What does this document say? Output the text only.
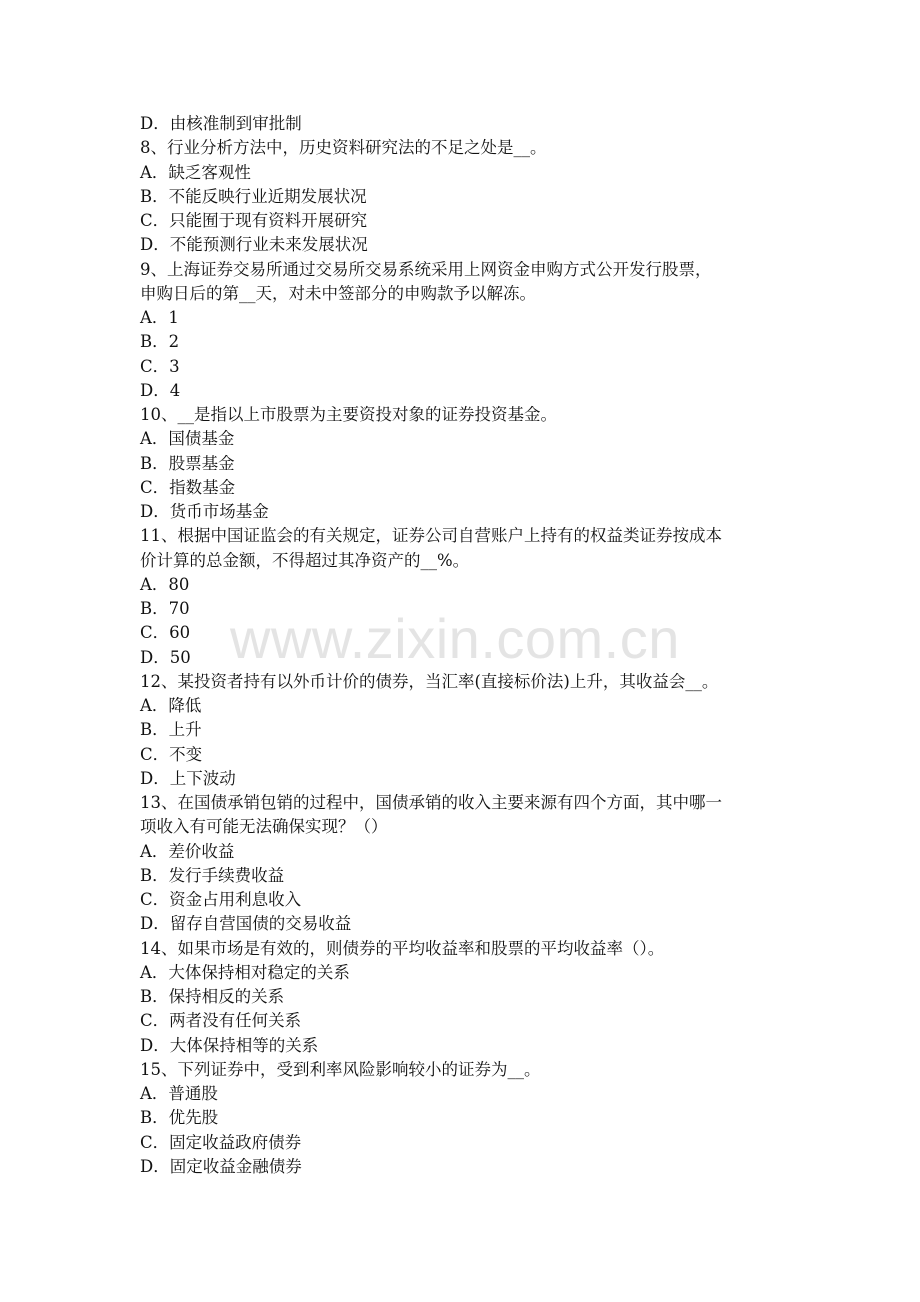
www.zixin.com.cn
D．由核准制到审批制
8、行业分析方法中，历史资料研究法的不足之处是__。
A．缺乏客观性
B．不能反映行业近期发展状况
C．只能囿于现有资料开展研究
D．不能预测行业未来发展状况
9、上海证券交易所通过交易所交易系统采用上网资金申购方式公开发行股票，
申购日后的第__天，对未中签部分的申购款予以解冻。
A．1
B．2
C．3
D．4
10、__是指以上市股票为主要资投对象的证券投资基金。
A．国债基金
B．股票基金
C．指数基金
D．货币市场基金
11、根据中国证监会的有关规定，证券公司自营账户上持有的权益类证券按成本
价计算的总金额，不得超过其净资产的__%。
A．80
B．70
C．60
D．50
12、某投资者持有以外币计价的债券，当汇率(直接标价法)上升，其收益会__。
A．降低
B．上升
C．不变
D．上下波动
13、在国债承销包销的过程中，国债承销的收入主要来源有四个方面，其中哪一
项收入有可能无法确保实现？（）
A．差价收益
B．发行手续费收益
C．资金占用利息收入
D．留存自营国债的交易收益
14、如果市场是有效的，则债券的平均收益率和股票的平均收益率（）。
A．大体保持相对稳定的关系
B．保持相反的关系
C．两者没有任何关系
D．大体保持相等的关系
15、下列证券中，受到利率风险影响较小的证券为__。
A．普通股
B．优先股
C．固定收益政府债券
D．固定收益金融债券
